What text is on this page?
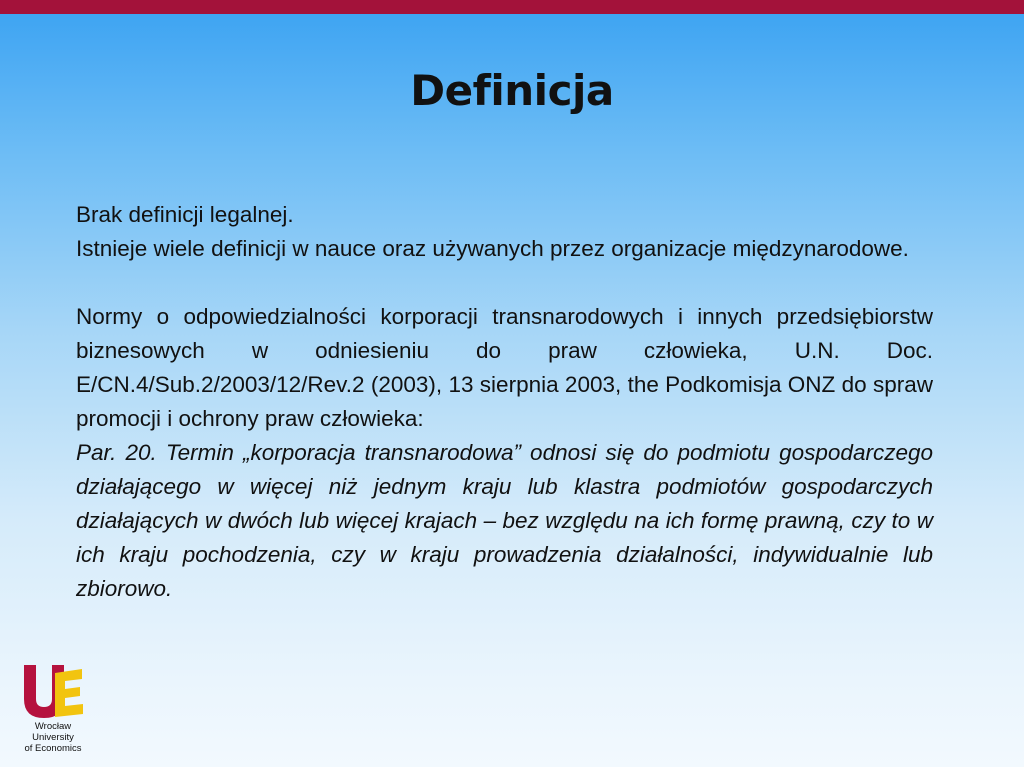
Definicja

Brak definicji legalnej.

Istnieje wiele definicji w nauce oraz używanych przez organizacje międzynarodowe.

Normy o odpowiedzialności korporacji transnarodowych i innych przedsiębiorstw biznesowych w odniesieniu do praw człowieka, U.N. Doc. E/CN.4/Sub.2/2003/12/Rev.2 (2003), 13 sierpnia 2003, the Podkomisja ONZ do spraw promocji i ochrony praw człowieka:

Par. 20. Termin „korporacja transnarodowa” odnosi się do podmiotu gospodarczego działającego w więcej niż jednym kraju lub klastra podmiotów gospodarczych działających w dwóch lub więcej krajach – bez względu na ich formę prawną, czy to w ich kraju pochodzenia, czy w kraju prowadzenia działalności, indywidualnie lub zbiorowo.

Wrocław
University
of Economics
